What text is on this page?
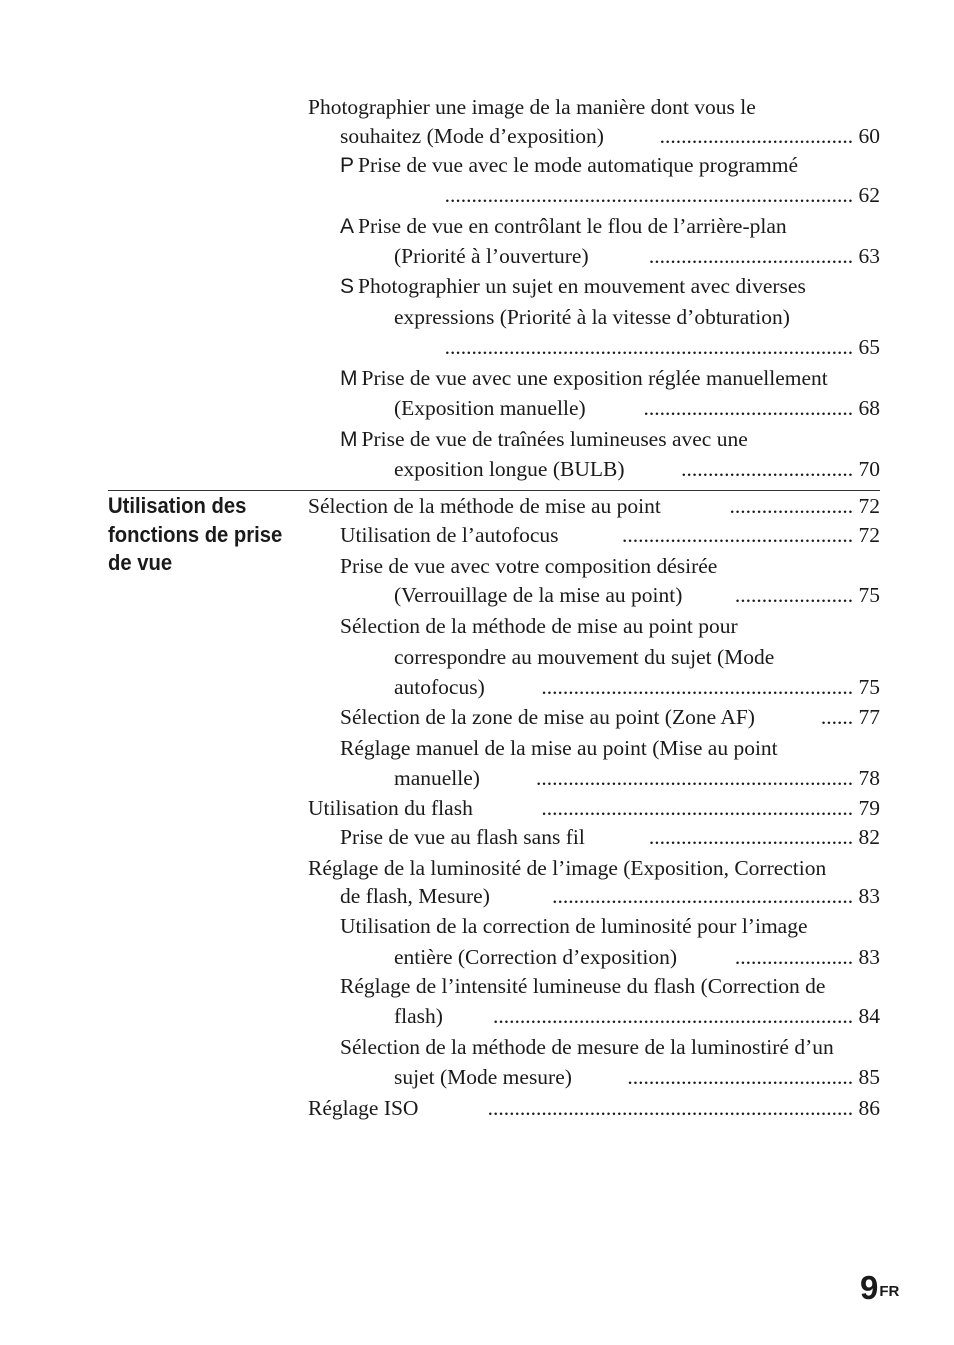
Photographier une image de la manière dont vous le
souhaitez (Mode d’exposition)	.................................... 60
P Prise de vue avec le mode automatique programmé
............................................................................ 62
A Prise de vue en contrôlant le flou de l’arrière-plan
(Priorité à l’ouverture)	...................................... 63
S Photographier un sujet en mouvement avec diverses
expressions (Priorité à la vitesse d’obturation)
............................................................................ 65
M Prise de vue avec une exposition réglée manuellement
(Exposition manuelle)	....................................... 68
M Prise de vue de traînées lumineuses avec une
exposition longue (BULB)	................................ 70
Utilisation des fonctions de prise de vue
Sélection de la méthode de mise au point	....................... 72
Utilisation de l’autofocus	........................................... 72
Prise de vue avec votre composition désirée
(Verrouillage de la mise au point) ...................... 75
Sélection de la méthode de mise au point pour
correspondre au mouvement du sujet (Mode
autofocus)	.......................................................... 75
Sélection de la zone de mise au point (Zone AF)	...... 77
Réglage manuel de la mise au point (Mise au point
manuelle)	........................................................... 78
Utilisation du flash	.......................................................... 79
Prise de vue au flash sans fil	...................................... 82
Réglage de la luminosité de l’image (Exposition, Correction
de flash, Mesure)	........................................................ 83
Utilisation de la correction de luminosité pour l’image
entière (Correction d’exposition)	...................... 83
Réglage de l’intensité lumineuse du flash (Correction de
flash) ................................................................... 84
Sélection de la méthode de mesure de la luminostiré d’un
sujet (Mode mesure)	.......................................... 85
Réglage ISO	.................................................................... 86
$9^{FR}$
